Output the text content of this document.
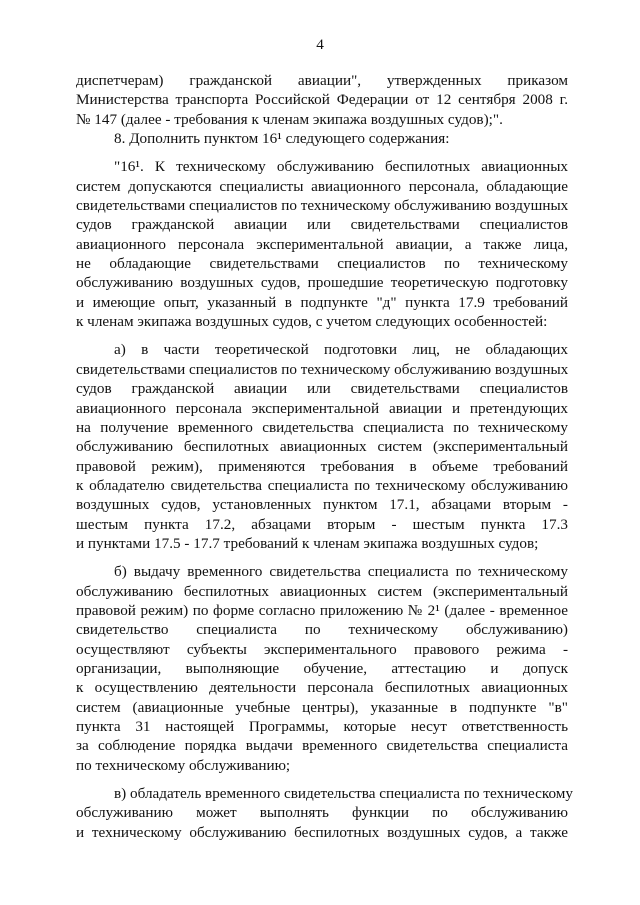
4
диспетчерам) гражданской авиации", утвержденных приказом
Министерства транспорта Российской Федерации от 12 сентября 2008 г.
№ 147 (далее - требования к членам экипажа воздушных судов);".
8. Дополнить пунктом 16¹ следующего содержания:
"16¹. К техническому обслуживанию беспилотных авиационных
систем допускаются специалисты авиационного персонала, обладающие
свидетельствами специалистов по техническому обслуживанию воздушных
судов гражданской авиации или свидетельствами специалистов
авиационного персонала экспериментальной авиации, а также лица,
не обладающие свидетельствами специалистов по техническому
обслуживанию воздушных судов, прошедшие теоретическую подготовку
и имеющие опыт, указанный в подпункте "д" пункта 17.9 требований
к членам экипажа воздушных судов, с учетом следующих особенностей:
а) в части теоретической подготовки лиц, не обладающих
свидетельствами специалистов по техническому обслуживанию воздушных
судов гражданской авиации или свидетельствами специалистов
авиационного персонала экспериментальной авиации и претендующих
на получение временного свидетельства специалиста по техническому
обслуживанию беспилотных авиационных систем (экспериментальный
правовой режим), применяются требования в объеме требований
к обладателю свидетельства специалиста по техническому обслуживанию
воздушных судов, установленных пунктом 17.1, абзацами вторым -
шестым пункта 17.2, абзацами вторым - шестым пункта 17.3
и пунктами 17.5 - 17.7 требований к членам экипажа воздушных судов;
б) выдачу временного свидетельства специалиста по техническому
обслуживанию беспилотных авиационных систем (экспериментальный
правовой режим) по форме согласно приложению № 2¹ (далее - временное
свидетельство специалиста по техническому обслуживанию)
осуществляют субъекты экспериментального правового режима -
организации, выполняющие обучение, аттестацию и допуск
к осуществлению деятельности персонала беспилотных авиационных
систем (авиационные учебные центры), указанные в подпункте "в"
пункта 31 настоящей Программы, которые несут ответственность
за соблюдение порядка выдачи временного свидетельства специалиста
по техническому обслуживанию;
в) обладатель временного свидетельства специалиста по техническому
обслуживанию может выполнять функции по обслуживанию
и техническому обслуживанию беспилотных воздушных судов, а также
